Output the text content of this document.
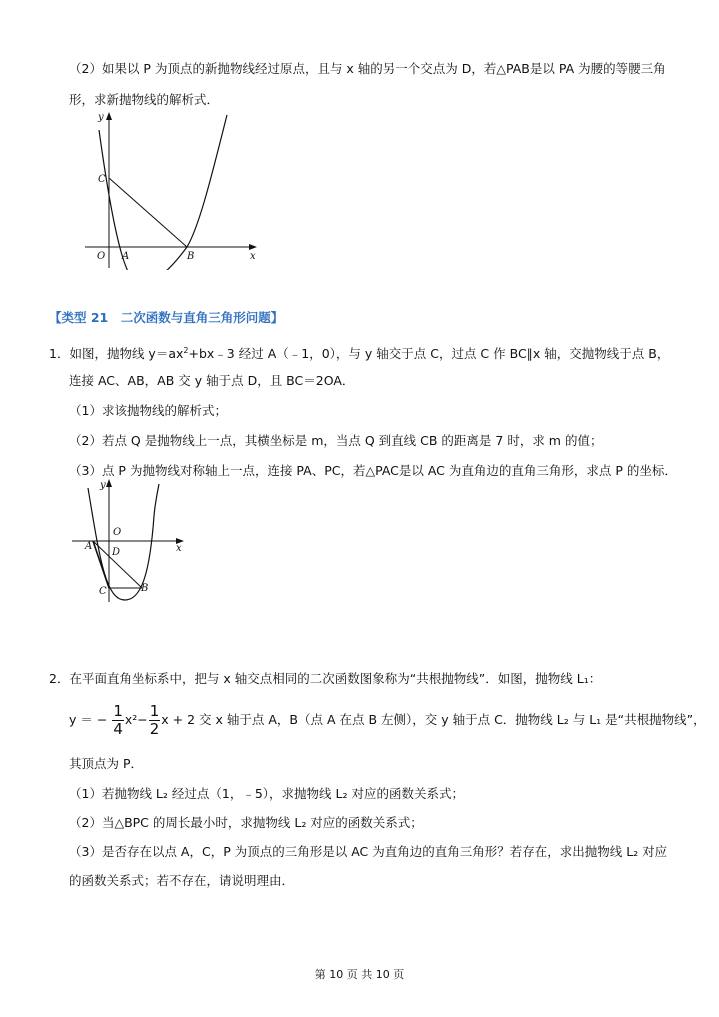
（2）如果以 P 为顶点的新抛物线经过原点，且与 x 轴的另一个交点为 D，若△PAB是以 PA 为腰的等腰三角
形，求新抛物线的解析式．
y
C
O A	B	x
【类型 21　二次函数与直角三角形问题】
1．如图，抛物线 $y=ax^2+bx﹣3$ 经过 A（﹣1，0），与 y 轴交于点 C，过点 C 作 BC∥x 轴，交抛物线于点 B，
连接 AC、AB，AB 交 y 轴于点 D，且 BC＝2OA．
（1）求该抛物线的解析式；
（2）若点 Q 是抛物线上一点，其横坐标是 m，当点 Q 到直线 CB 的距离是 7 时，求 m 的值；
（3）点 P 为抛物线对称轴上一点，连接 PA、PC，若△PAC是以 AC 为直角边的直角三角形，求点 P 的坐标．
y
O
A
D	x
C	B
2．在平面直角坐标系中，把与 x 轴交点相同的二次函数图象称为“共根抛物线”．如图，抛物线 L₁：
y ＝ − $\frac{1}{4} x^2- \frac{1}{2}$ x + 2 交 x 轴于点 A，B（点 A 在点 B 左侧），交 y 轴于点 C．抛物线 L₂ 与 L₁ 是“共根抛物线”，
其顶点为 P．
（1）若抛物线 L₂ 经过点（1，﹣5），求抛物线 L₂ 对应的函数关系式；
（2）当△BPC 的周长最小时，求抛物线 L₂ 对应的函数关系式；
（3）是否存在以点 A，C，P 为顶点的三角形是以 AC 为直角边的直角三角形？若存在，求出抛物线 L₂ 对应
的函数关系式；若不存在，请说明理由．
第 10 页 共 10 页
